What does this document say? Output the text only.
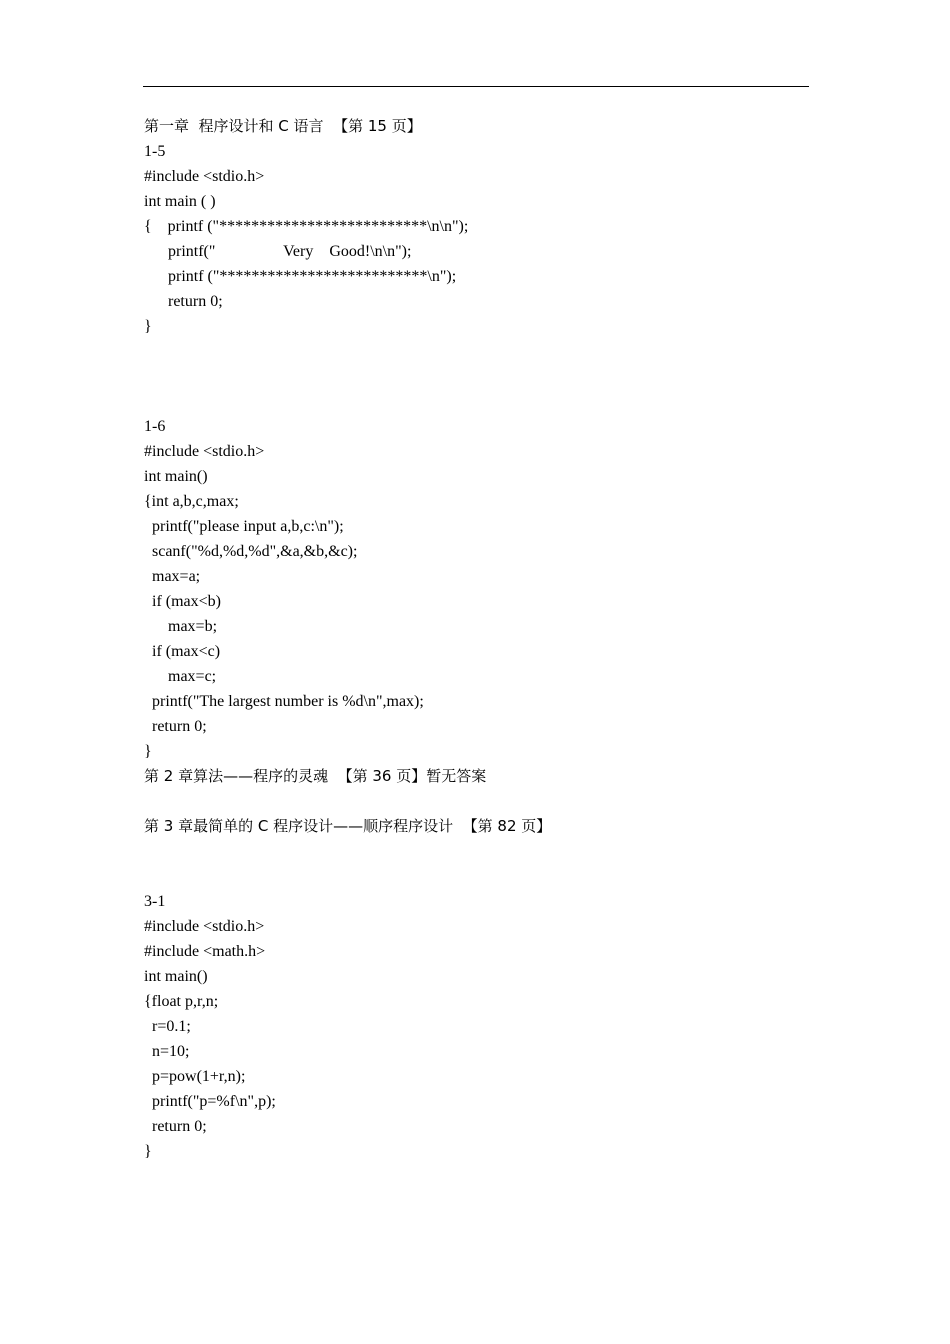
第一章  程序设计和 C 语言  【第 15 页】
1-5
#include <stdio.h>
int main ( )
{    printf ("**************************\n\n");
printf("                 Very    Good!\n\n");
printf ("**************************\n");
return 0;
}
1-6
#include <stdio.h>
int main()
{int a,b,c,max;
printf("please input a,b,c:\n");
scanf("%d,%d,%d",&a,&b,&c);
max=a;
if (max<b)
max=b;
if (max<c)
max=c;
printf("The largest number is %d\n",max);
return 0;
}
第 2 章算法——程序的灵魂  【第 36 页】暂无答案
第 3 章最简单的 C 程序设计——顺序程序设计  【第 82 页】
3-1
#include <stdio.h>
#include <math.h>
int main()
{float p,r,n;
r=0.1;
n=10;
p=pow(1+r,n);
printf("p=%f\n",p);
return 0;
}
